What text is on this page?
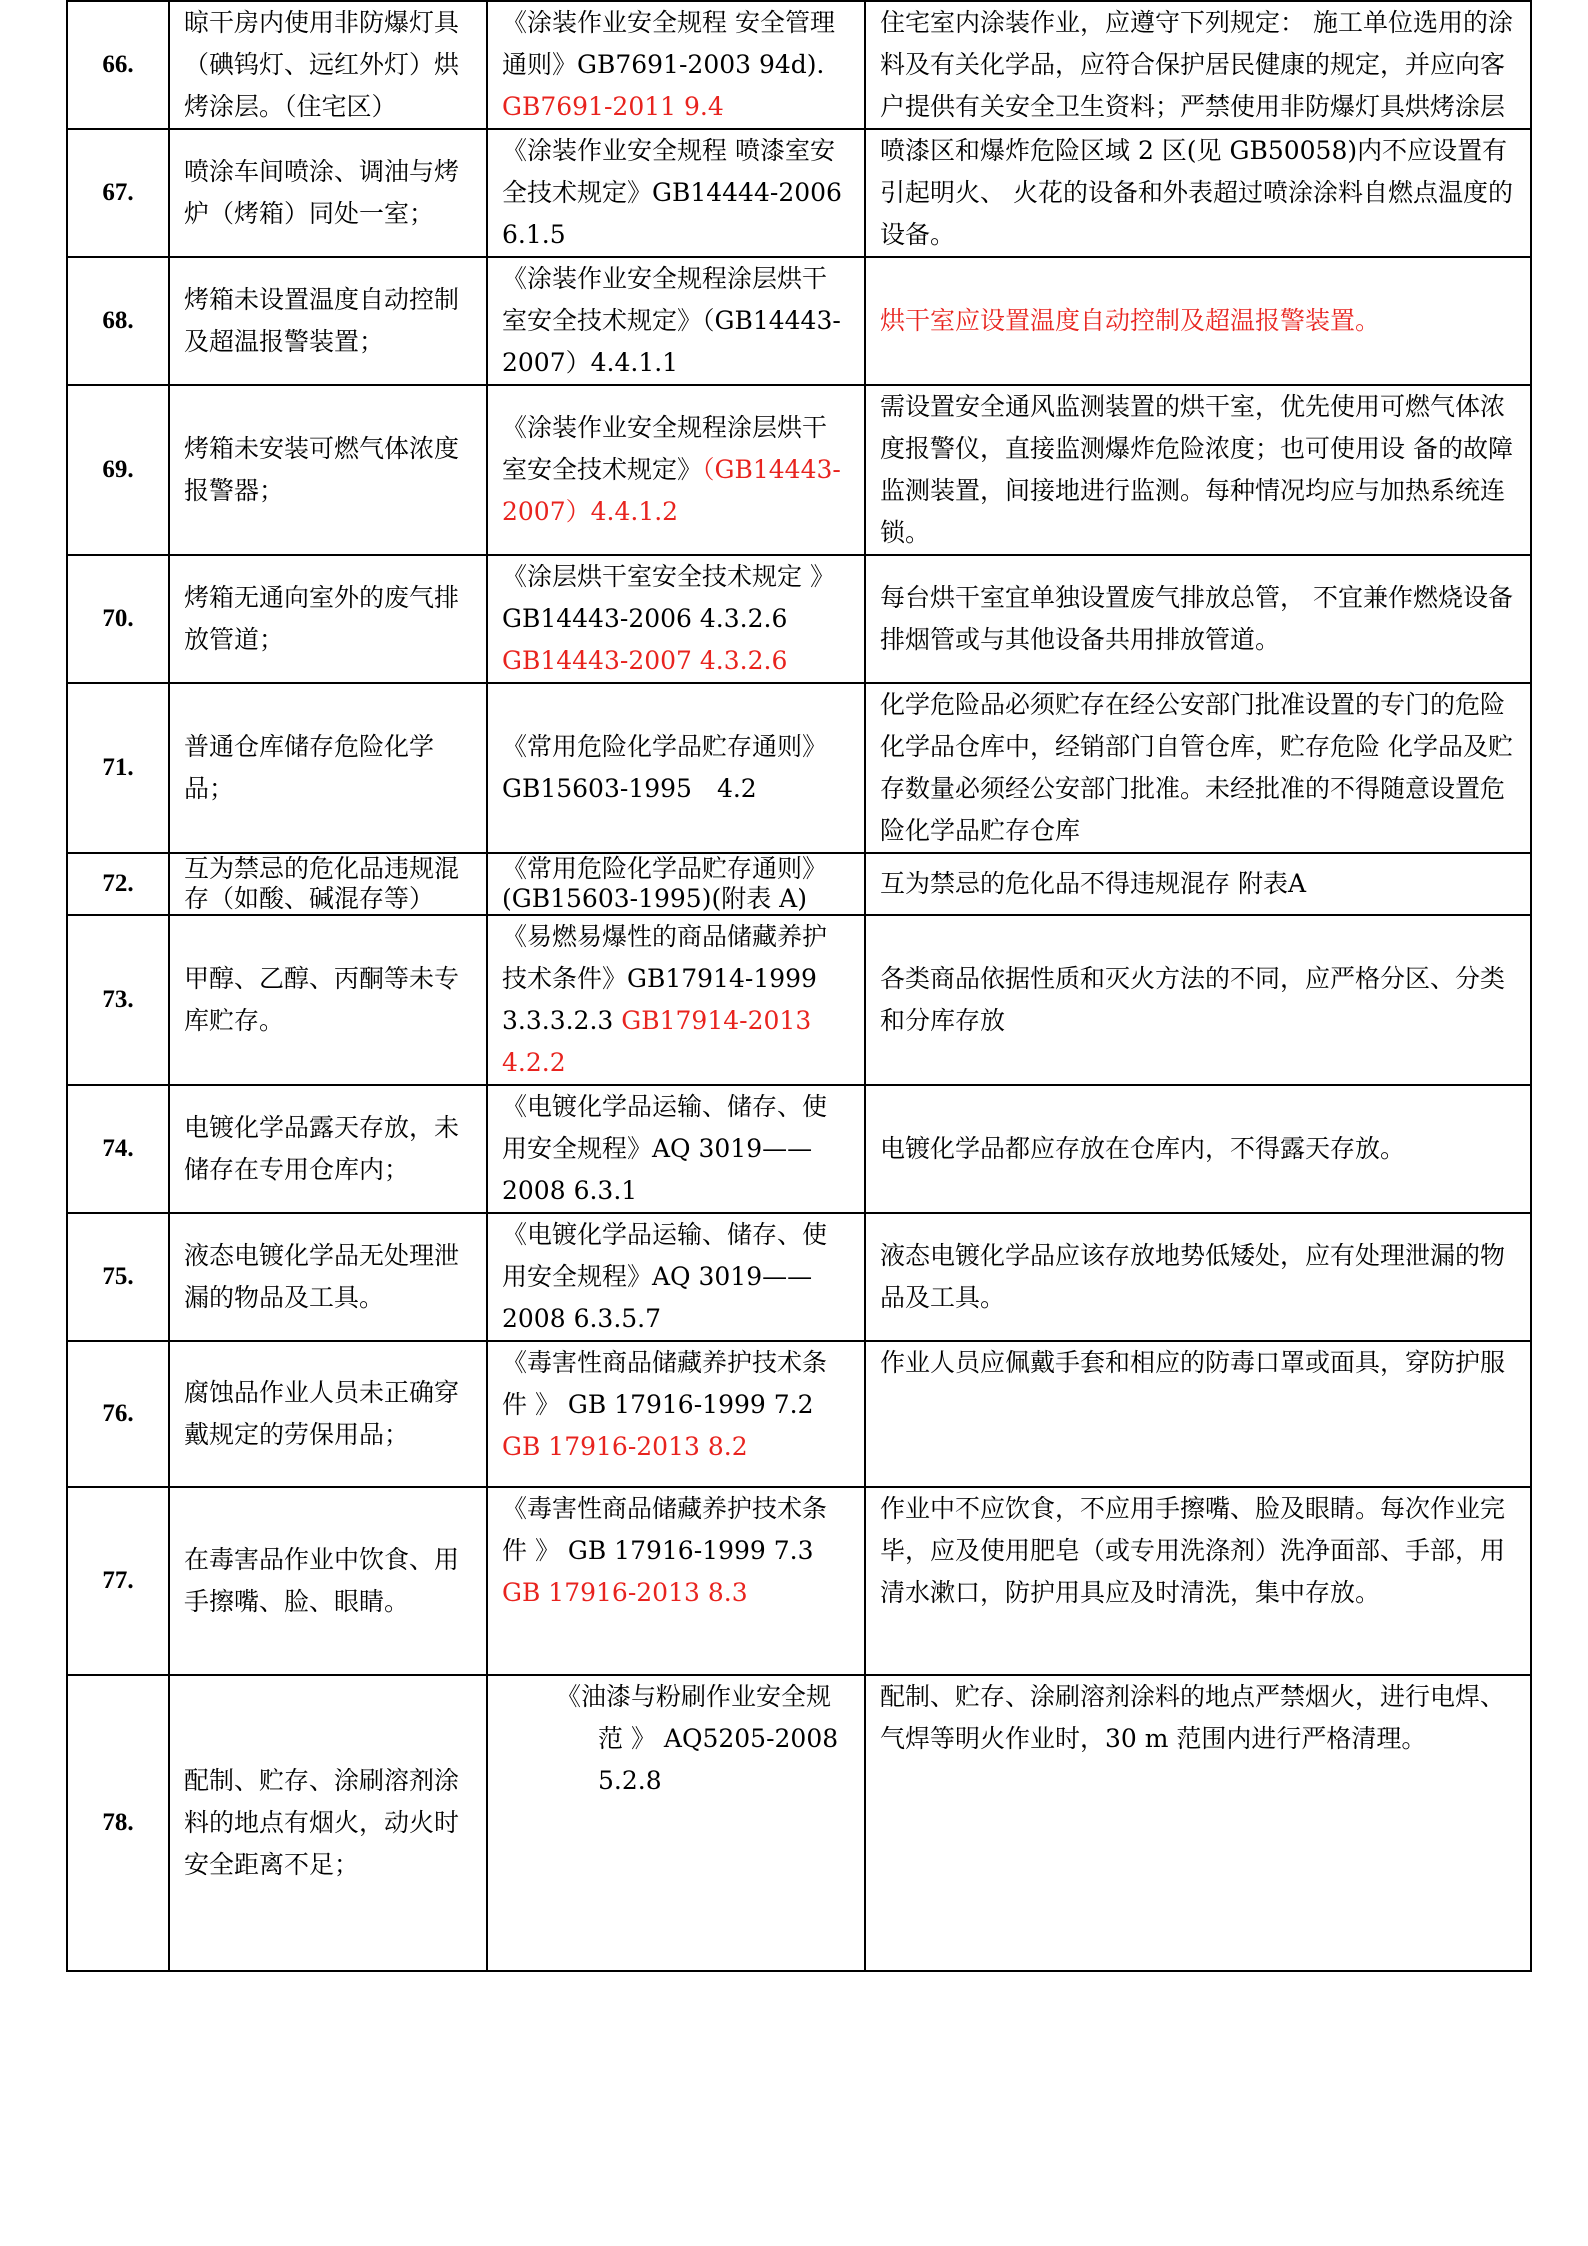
66.	晾干房内使用非防爆灯具（碘钨灯、远红外灯）烘烤涂层。（住宅区）	《涂装作业安全规程 安全管理通则》GB7691-2003 94d)．GB7691-2011 9.4	住宅室内涂装作业，应遵守下列规定： 施工单位选用的涂料及有关化学品，应符合保护居民健康的规定，并应向客户提供有关安全卫生资料；严禁使用非防爆灯具烘烤涂层
67.	喷涂车间喷涂、调油与烤炉（烤箱）同处一室；	《涂装作业安全规程 喷漆室安全技术规定》GB14444-2006 6.1.5	喷漆区和爆炸危险区域 2 区(见 GB50058)内不应设置有引起明火、 火花的设备和外表超过喷涂涂料自燃点温度的设备。
68.	烤箱未设置温度自动控制及超温报警装置；	《涂装作业安全规程涂层烘干室安全技术规定》（GB14443-2007）4.4.1.1	烘干室应设置温度自动控制及超温报警装置。
69.	烤箱未安装可燃气体浓度报警器；	《涂装作业安全规程涂层烘干室安全技术规定》（GB14443-2007）4.4.1.2	需设置安全通风监测装置的烘干室，优先使用可燃气体浓度报警仪，直接监测爆炸危险浓度；也可使用设 备的故障监测装置，间接地进行监测。每种情况均应与加热系统连锁。
70.	烤箱无通向室外的废气排放管道；	《涂层烘干室安全技术规定 》 GB14443-2006 4.3.2.6 GB14443-2007 4.3.2.6	每台烘干室宜单独设置废气排放总管， 不宜兼作燃烧设备排烟管或与其他设备共用排放管道。
71.	普通仓库储存危险化学品；	《常用危险化学品贮存通则》GB15603-1995　4.2	化学危险品必须贮存在经公安部门批准设置的专门的危险化学品仓库中，经销部门自管仓库，贮存危险 化学品及贮存数量必须经公安部门批准。未经批准的不得随意设置危险化学品贮存仓库
72.	互为禁忌的危化品违规混存（如酸、碱混存等）	《常用危险化学品贮存通则》(GB15603-1995)(附表 A)	互为禁忌的危化品不得违规混存 附表A
73.	甲醇、乙醇、丙酮等未专库贮存。	《易燃易爆性的商品储藏养护技术条件》GB17914-1999 3.3.3.2.3 GB17914-2013 4.2.2	各类商品依据性质和灭火方法的不同，应严格分区、分类和分库存放
74.	电镀化学品露天存放，未储存在专用仓库内；	《电镀化学品运输、储存、使用安全规程》AQ 3019——2008 6.3.1	电镀化学品都应存放在仓库内，不得露天存放。
75.	液态电镀化学品无处理泄漏的物品及工具。	《电镀化学品运输、储存、使用安全规程》AQ 3019——2008 6.3.5.7	液态电镀化学品应该存放地势低矮处，应有处理泄漏的物品及工具。
76.	腐蚀品作业人员未正确穿戴规定的劳保用品；	《毒害性商品储藏养护技术条 件 》 GB 17916-1999 7.2 GB 17916-2013 8.2	作业人员应佩戴手套和相应的防毒口罩或面具，穿防护服
77.	在毒害品作业中饮食、用手擦嘴、脸、眼睛。	《毒害性商品储藏养护技术条 件 》 GB 17916-1999 7.3 GB 17916-2013 8.3	作业中不应饮食，不应用手擦嘴、脸及眼睛。每次作业完毕，应及使用肥皂（或专用洗涤剂）洗净面部、手部，用清水漱口，防护用具应及时清洗，集中存放。
78.	配制、贮存、涂刷溶剂涂料的地点有烟火，动火时安全距离不足；	《油漆与粉刷作业安全规
范 》 AQ5205-2008
5.2.8	配制、贮存、涂刷溶剂涂料的地点严禁烟火，进行电焊、气焊等明火作业时，30 m 范围内进行严格清理。
